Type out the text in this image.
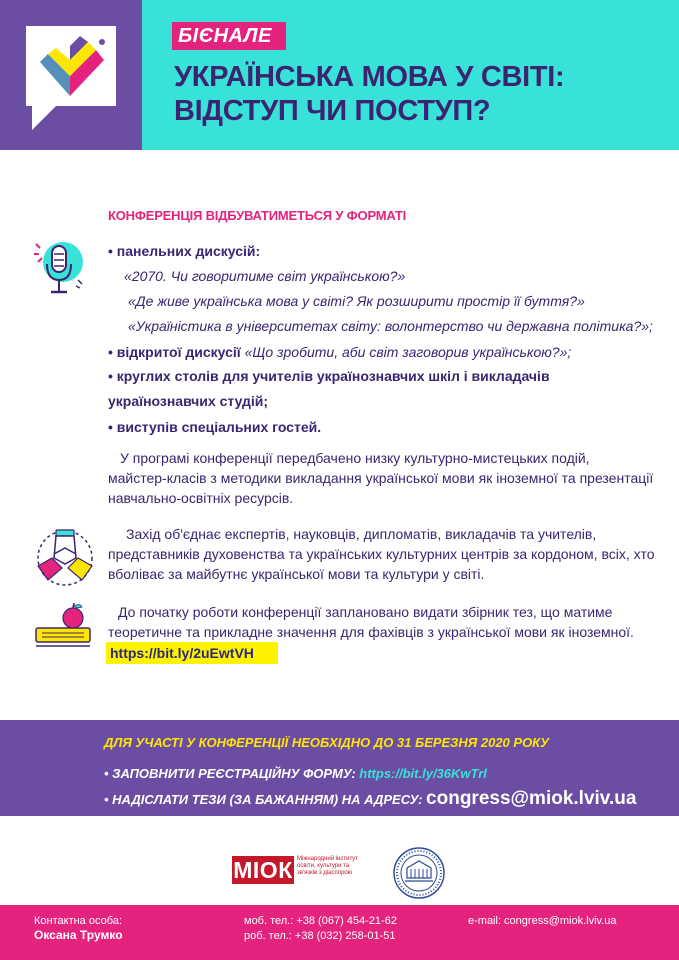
БІЄНАЛЕ
УКРАЇНСЬКА МОВА У СВІТІ:
ВІДСТУП ЧИ ПОСТУП?
КОНФЕРЕНЦІЯ ВІДБУВАТИМЕТЬСЯ У ФОРМАТІ
• панельних дискусій:
«2070. Чи говоритиме світ українською?»
«Де живе українська мова у світі? Як розширити простір її буття?»
«Україністика в університетах світу: волонтерство чи державна політика?»;
• відкритої дискусії «Що зробити, аби світ заговорив українською?»;
• круглих столів для учителів українознавчих шкіл і викладачів
українознавчих студій;
• виступів спеціальних гостей.
У програмі конференції передбачено низку культурно-мистецьких подій,
майстер-класів з методики викладання української мови як іноземної та презентації
навчально-освітніх ресурсів.
Захід об'єднає експертів, науковців, дипломатів, викладачів та учителів,
представників духовенства та українських культурних центрів за кордоном, всіх, хто
вболіває за майбутнє української мови та культури у світі.
До початку роботи конференції заплановано видати збірник тез, що матиме
теоретичне та прикладне значення для фахівців з української мови як іноземної.
https://bit.ly/2uEwtVH
ДЛЯ УЧАСТІ У КОНФЕРЕНЦІЇ НЕОБХІДНО ДО 31 БЕРЕЗНЯ 2020 РОКУ
• ЗАПОВНИТИ РЕЄСТРАЦІЙНУ ФОРМУ: https://bit.ly/36KwTrl
• НАДІСЛАТИ ТЕЗИ (ЗА БАЖАННЯМ) НА АДРЕСУ: congress@miok.lviv.ua
МІОК Міжнародний інститут освіти, культури та зв'язків з діаспорою
Контактна особа:
Оксана Трумко
моб. тел.: +38 (067) 454-21-62
роб. тел.: +38 (032) 258-01-51
e-mail: congress@miok.lviv.ua
